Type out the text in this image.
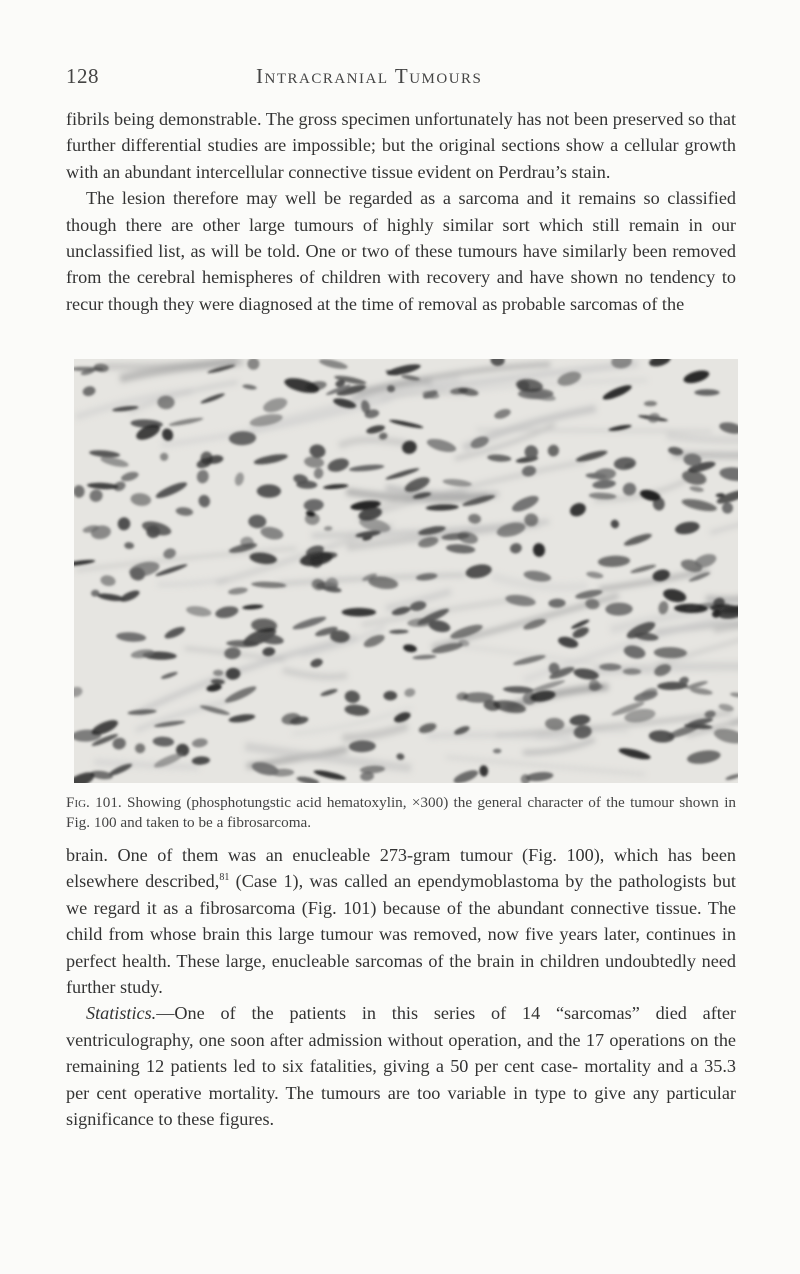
128	Intracranial Tumours

fibrils being demonstrable. The gross specimen unfortunately has not been preserved so that further differential studies are impossible; but the original sections show a cellular growth with an abundant intercellular connective tissue evident on Perdrau’s stain.

The lesion therefore may well be regarded as a sarcoma and it remains so classified though there are other large tumours of highly similar sort which still remain in our unclassified list, as will be told. One or two of these tumours have similarly been removed from the cerebral hemispheres of children with recovery and have shown no tendency to recur though they were diagnosed at the time of removal as probable sarcomas of the

Fig. 101. Showing (phosphotungstic acid hematoxylin, ×300) the general character of the tumour shown in Fig. 100 and taken to be a fibrosarcoma.

brain. One of them was an enucleable 273-gram tumour (Fig. 100), which has been elsewhere described,$^{81}$ (Case 1), was called an ependymoblastoma by the pathologists but we regard it as a fibrosarcoma (Fig. 101) because of the abundant connective tissue. The child from whose brain this large tumour was removed, now five years later, continues in perfect health. These large, enucleable sarcomas of the brain in children undoubtedly need further study.

Statistics.—One of the patients in this series of 14 “sarcomas” died after ventriculography, one soon after admission without operation, and the 17 operations on the remaining 12 patients led to six fatalities, giving a 50 per cent case- mortality and a 35.3 per cent operative mortality. The tumours are too variable in type to give any particular significance to these figures.
